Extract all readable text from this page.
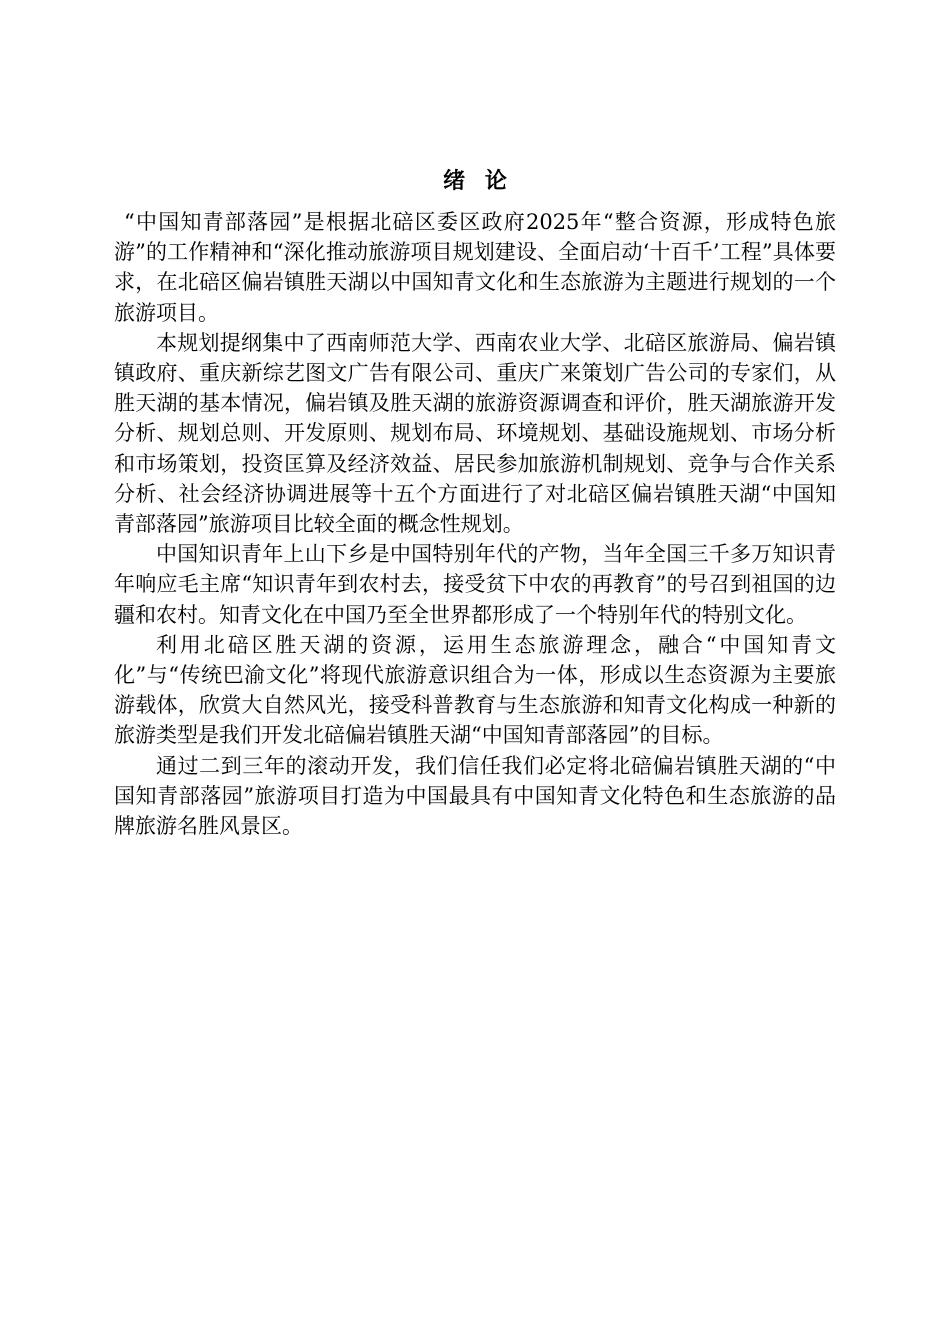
绪 论

“中国知青部落园”是根据北碚区委区政府2025年“整合资源，形成特色旅游”的工作精神和“深化推动旅游项目规划建设、全面启动‘十百千’工程”具体要求，在北碚区偏岩镇胜天湖以中国知青文化和生态旅游为主题进行规划的一个旅游项目。

本规划提纲集中了西南师范大学、西南农业大学、北碚区旅游局、偏岩镇镇政府、重庆新综艺图文广告有限公司、重庆广来策划广告公司的专家们，从胜天湖的基本情况，偏岩镇及胜天湖的旅游资源调查和评价，胜天湖旅游开发分析、规划总则、开发原则、规划布局、环境规划、基础设施规划、市场分析和市场策划，投资匡算及经济效益、居民参加旅游机制规划、竞争与合作关系分析、社会经济协调进展等十五个方面进行了对北碚区偏岩镇胜天湖“中国知青部落园”旅游项目比较全面的概念性规划。

中国知识青年上山下乡是中国特别年代的产物，当年全国三千多万知识青年响应毛主席“知识青年到农村去，接受贫下中农的再教育”的号召到祖国的边疆和农村。知青文化在中国乃至全世界都形成了一个特别年代的特别文化。

利用北碚区胜天湖的资源，运用生态旅游理念，融合“中国知青文化”与“传统巴渝文化”将现代旅游意识组合为一体，形成以生态资源为主要旅游载体，欣赏大自然风光，接受科普教育与生态旅游和知青文化构成一种新的旅游类型是我们开发北碚偏岩镇胜天湖“中国知青部落园”的目标。

通过二到三年的滚动开发，我们信任我们必定将北碚偏岩镇胜天湖的“中国知青部落园”旅游项目打造为中国最具有中国知青文化特色和生态旅游的品牌旅游名胜风景区。
